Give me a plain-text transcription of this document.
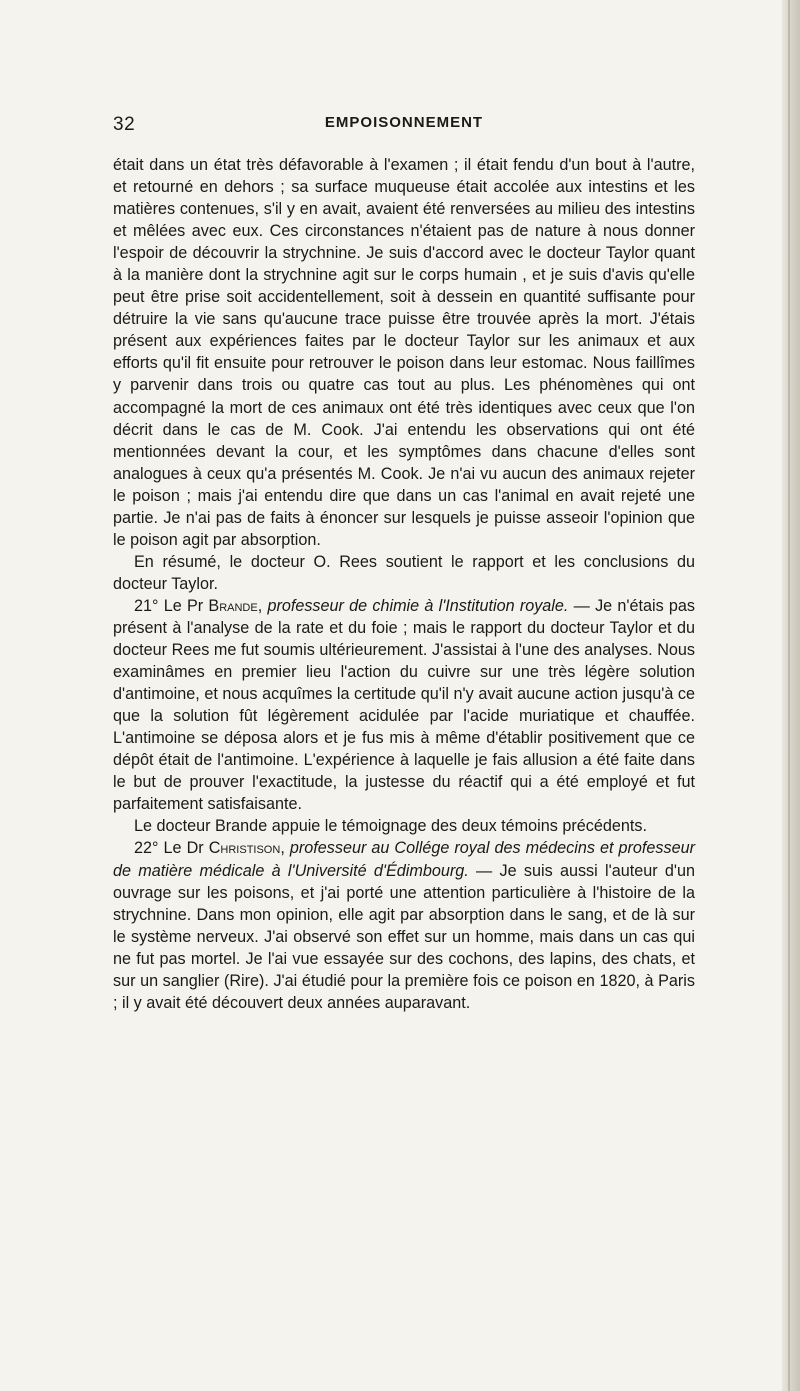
32	EMPOISONNEMENT

était dans un état très défavorable à l'examen ; il était fendu d'un bout à l'autre, et retourné en dehors ; sa surface muqueuse était accolée aux intestins et les matières contenues, s'il y en avait, avaient été renversées au milieu des intestins et mêlées avec eux. Ces circonstances n'étaient pas de nature à nous donner l'espoir de découvrir la strychnine. Je suis d'accord avec le docteur Taylor quant à la manière dont la strychnine agit sur le corps humain , et je suis d'avis qu'elle peut être prise soit accidentellement, soit à dessein en quantité suffisante pour détruire la vie sans qu'aucune trace puisse être trouvée après la mort. J'étais présent aux expériences faites par le docteur Taylor sur les animaux et aux efforts qu'il fit ensuite pour retrouver le poison dans leur estomac. Nous faillîmes y parvenir dans trois ou quatre cas tout au plus. Les phénomènes qui ont accompagné la mort de ces animaux ont été très identiques avec ceux que l'on décrit dans le cas de M. Cook. J'ai entendu les observations qui ont été mentionnées devant la cour, et les symptômes dans chacune d'elles sont analogues à ceux qu'a présentés M. Cook. Je n'ai vu aucun des animaux rejeter le poison ; mais j'ai entendu dire que dans un cas l'animal en avait rejeté une partie. Je n'ai pas de faits à énoncer sur lesquels je puisse asseoir l'opinion que le poison agit par absorption.

En résumé, le docteur O. Rees soutient le rapport et les conclusions du docteur Taylor.

21° Le Pr Brande, professeur de chimie à l'Institution royale. — Je n'étais pas présent à l'analyse de la rate et du foie ; mais le rapport du docteur Taylor et du docteur Rees me fut soumis ultérieurement. J'assistai à l'une des analyses. Nous examinâmes en premier lieu l'action du cuivre sur une très légère solution d'antimoine, et nous acquîmes la certitude qu'il n'y avait aucune action jusqu'à ce que la solution fût légèrement acidulée par l'acide muriatique et chauffée. L'antimoine se déposa alors et je fus mis à même d'établir positivement que ce dépôt était de l'antimoine. L'expérience à laquelle je fais allusion a été faite dans le but de prouver l'exactitude, la justesse du réactif qui a été employé et fut parfaitement satisfaisante.

Le docteur Brande appuie le témoignage des deux témoins précédents.

22° Le Dr Christison, professeur au Collége royal des médecins et professeur de matière médicale à l'Université d'Édimbourg. — Je suis aussi l'auteur d'un ouvrage sur les poisons, et j'ai porté une attention particulière à l'histoire de la strychnine. Dans mon opinion, elle agit par absorption dans le sang, et de là sur le système nerveux. J'ai observé son effet sur un homme, mais dans un cas qui ne fut pas mortel. Je l'ai vue essayée sur des cochons, des lapins, des chats, et sur un sanglier (Rire). J'ai étudié pour la première fois ce poison en 1820, à Paris ; il y avait été découvert deux années auparavant.
